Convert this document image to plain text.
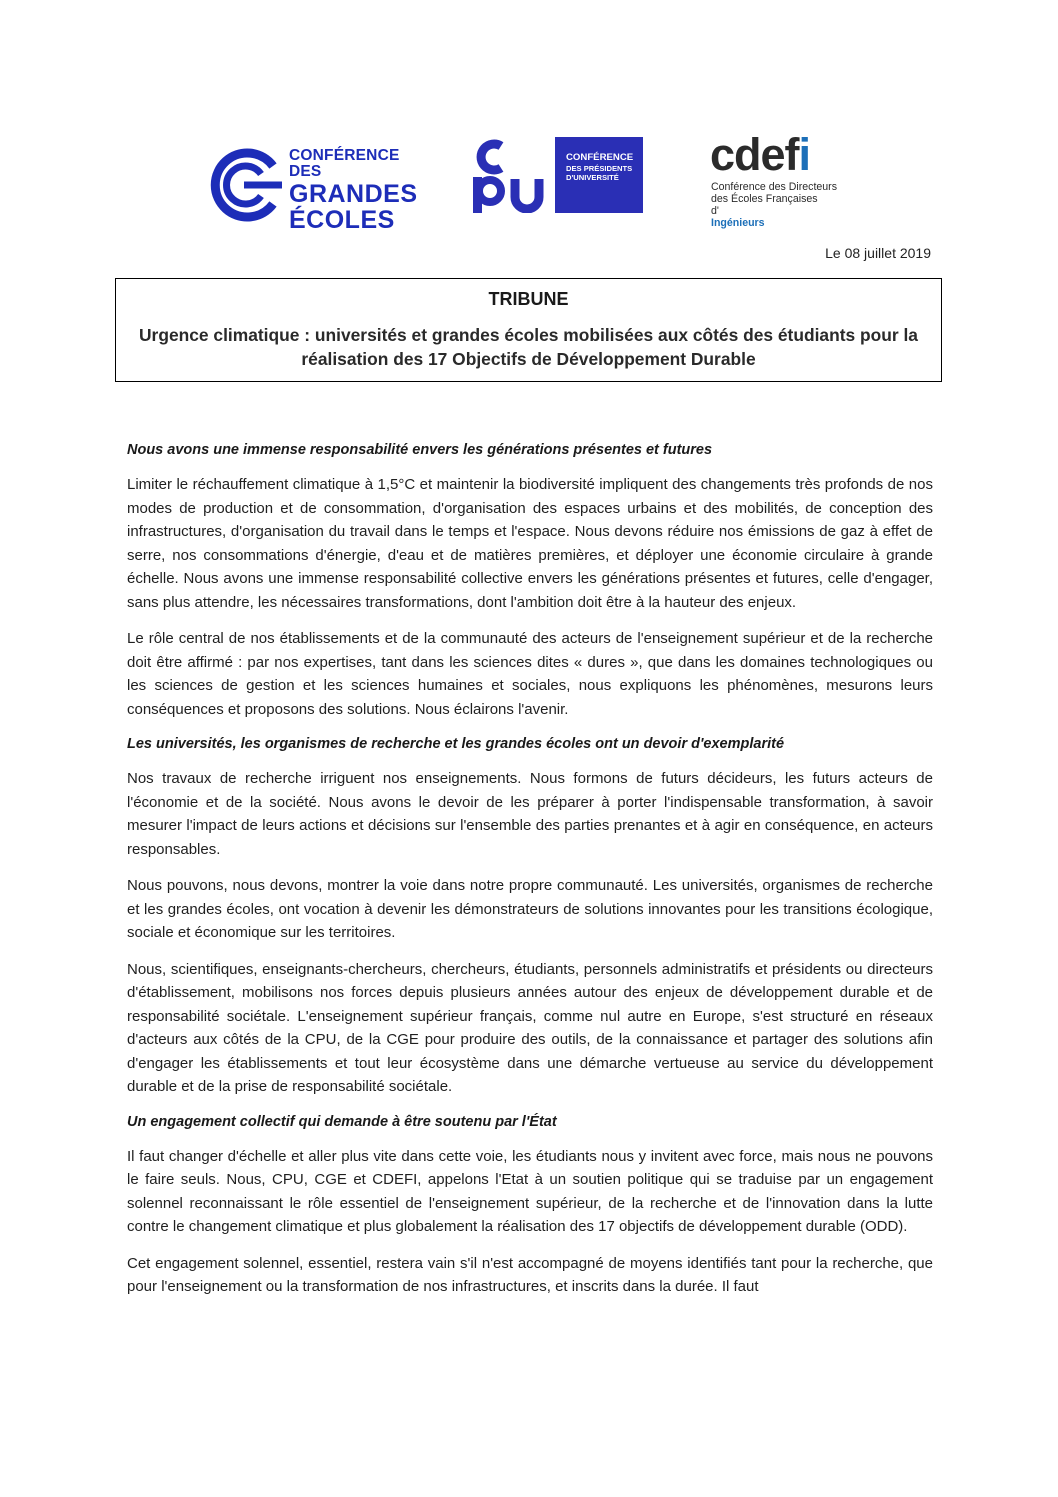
CONFÉRENCE DES
GRANDES
ÉCOLES
CONFÉRENCE
DES PRÉSIDENTS
D'UNIVERSITÉ	cdefi
Conférence des Directeurs
des Écoles Françaises
d'
Ingénieurs
Le 08 juillet 2019
TRIBUNE
Urgence climatique : universités et grandes écoles mobilisées aux côtés des étudiants pour la réalisation des 17 Objectifs de Développement Durable

Nous avons une immense responsabilité envers les générations présentes et futures

Limiter le réchauffement climatique à 1,5°C et maintenir la biodiversité impliquent des changements très profonds de nos modes de production et de consommation, d'organisation des espaces urbains et des mobilités, de conception des infrastructures, d'organisation du travail dans le temps et l'espace. Nous devons réduire nos émissions de gaz à effet de serre, nos consommations d'énergie, d'eau et de matières premières, et déployer une économie circulaire à grande échelle. Nous avons une immense responsabilité collective envers les générations présentes et futures, celle d'engager, sans plus attendre, les nécessaires transformations, dont l'ambition doit être à la hauteur des enjeux.

Le rôle central de nos établissements et de la communauté des acteurs de l'enseignement supérieur et de la recherche doit être affirmé : par nos expertises, tant dans les sciences dites « dures », que dans les domaines technologiques ou les sciences de gestion et les sciences humaines et sociales, nous expliquons les phénomènes, mesurons leurs conséquences et proposons des solutions. Nous éclairons l'avenir.

Les universités, les organismes de recherche et les grandes écoles ont un devoir d'exemplarité

Nos travaux de recherche irriguent nos enseignements. Nous formons de futurs décideurs, les futurs acteurs de l'économie et de la société. Nous avons le devoir de les préparer à porter l'indispensable transformation, à savoir mesurer l'impact de leurs actions et décisions sur l'ensemble des parties prenantes et à agir en conséquence, en acteurs responsables.

Nous pouvons, nous devons, montrer la voie dans notre propre communauté. Les universités, organismes de recherche et les grandes écoles, ont vocation à devenir les démonstrateurs de solutions innovantes pour les transitions écologique, sociale et économique sur les territoires.

Nous, scientifiques, enseignants-chercheurs, chercheurs, étudiants, personnels administratifs et présidents ou directeurs d'établissement, mobilisons nos forces depuis plusieurs années autour des enjeux de développement durable et de responsabilité sociétale. L'enseignement supérieur français, comme nul autre en Europe, s'est structuré en réseaux d'acteurs aux côtés de la CPU, de la CGE pour produire des outils, de la connaissance et partager des solutions afin d'engager les établissements et tout leur écosystème dans une démarche vertueuse au service du développement durable et de la prise de responsabilité sociétale.

Un engagement collectif qui demande à être soutenu par l'État

Il faut changer d'échelle et aller plus vite dans cette voie, les étudiants nous y invitent avec force, mais nous ne pouvons le faire seuls. Nous, CPU, CGE et CDEFI, appelons l'Etat à un soutien politique qui se traduise par un engagement solennel reconnaissant le rôle essentiel de l'enseignement supérieur, de la recherche et de l'innovation dans la lutte contre le changement climatique et plus globalement la réalisation des 17 objectifs de développement durable (ODD).

Cet engagement solennel, essentiel, restera vain s'il n'est accompagné de moyens identifiés tant pour la recherche, que pour l'enseignement ou la transformation de nos infrastructures, et inscrits dans la durée. Il faut
